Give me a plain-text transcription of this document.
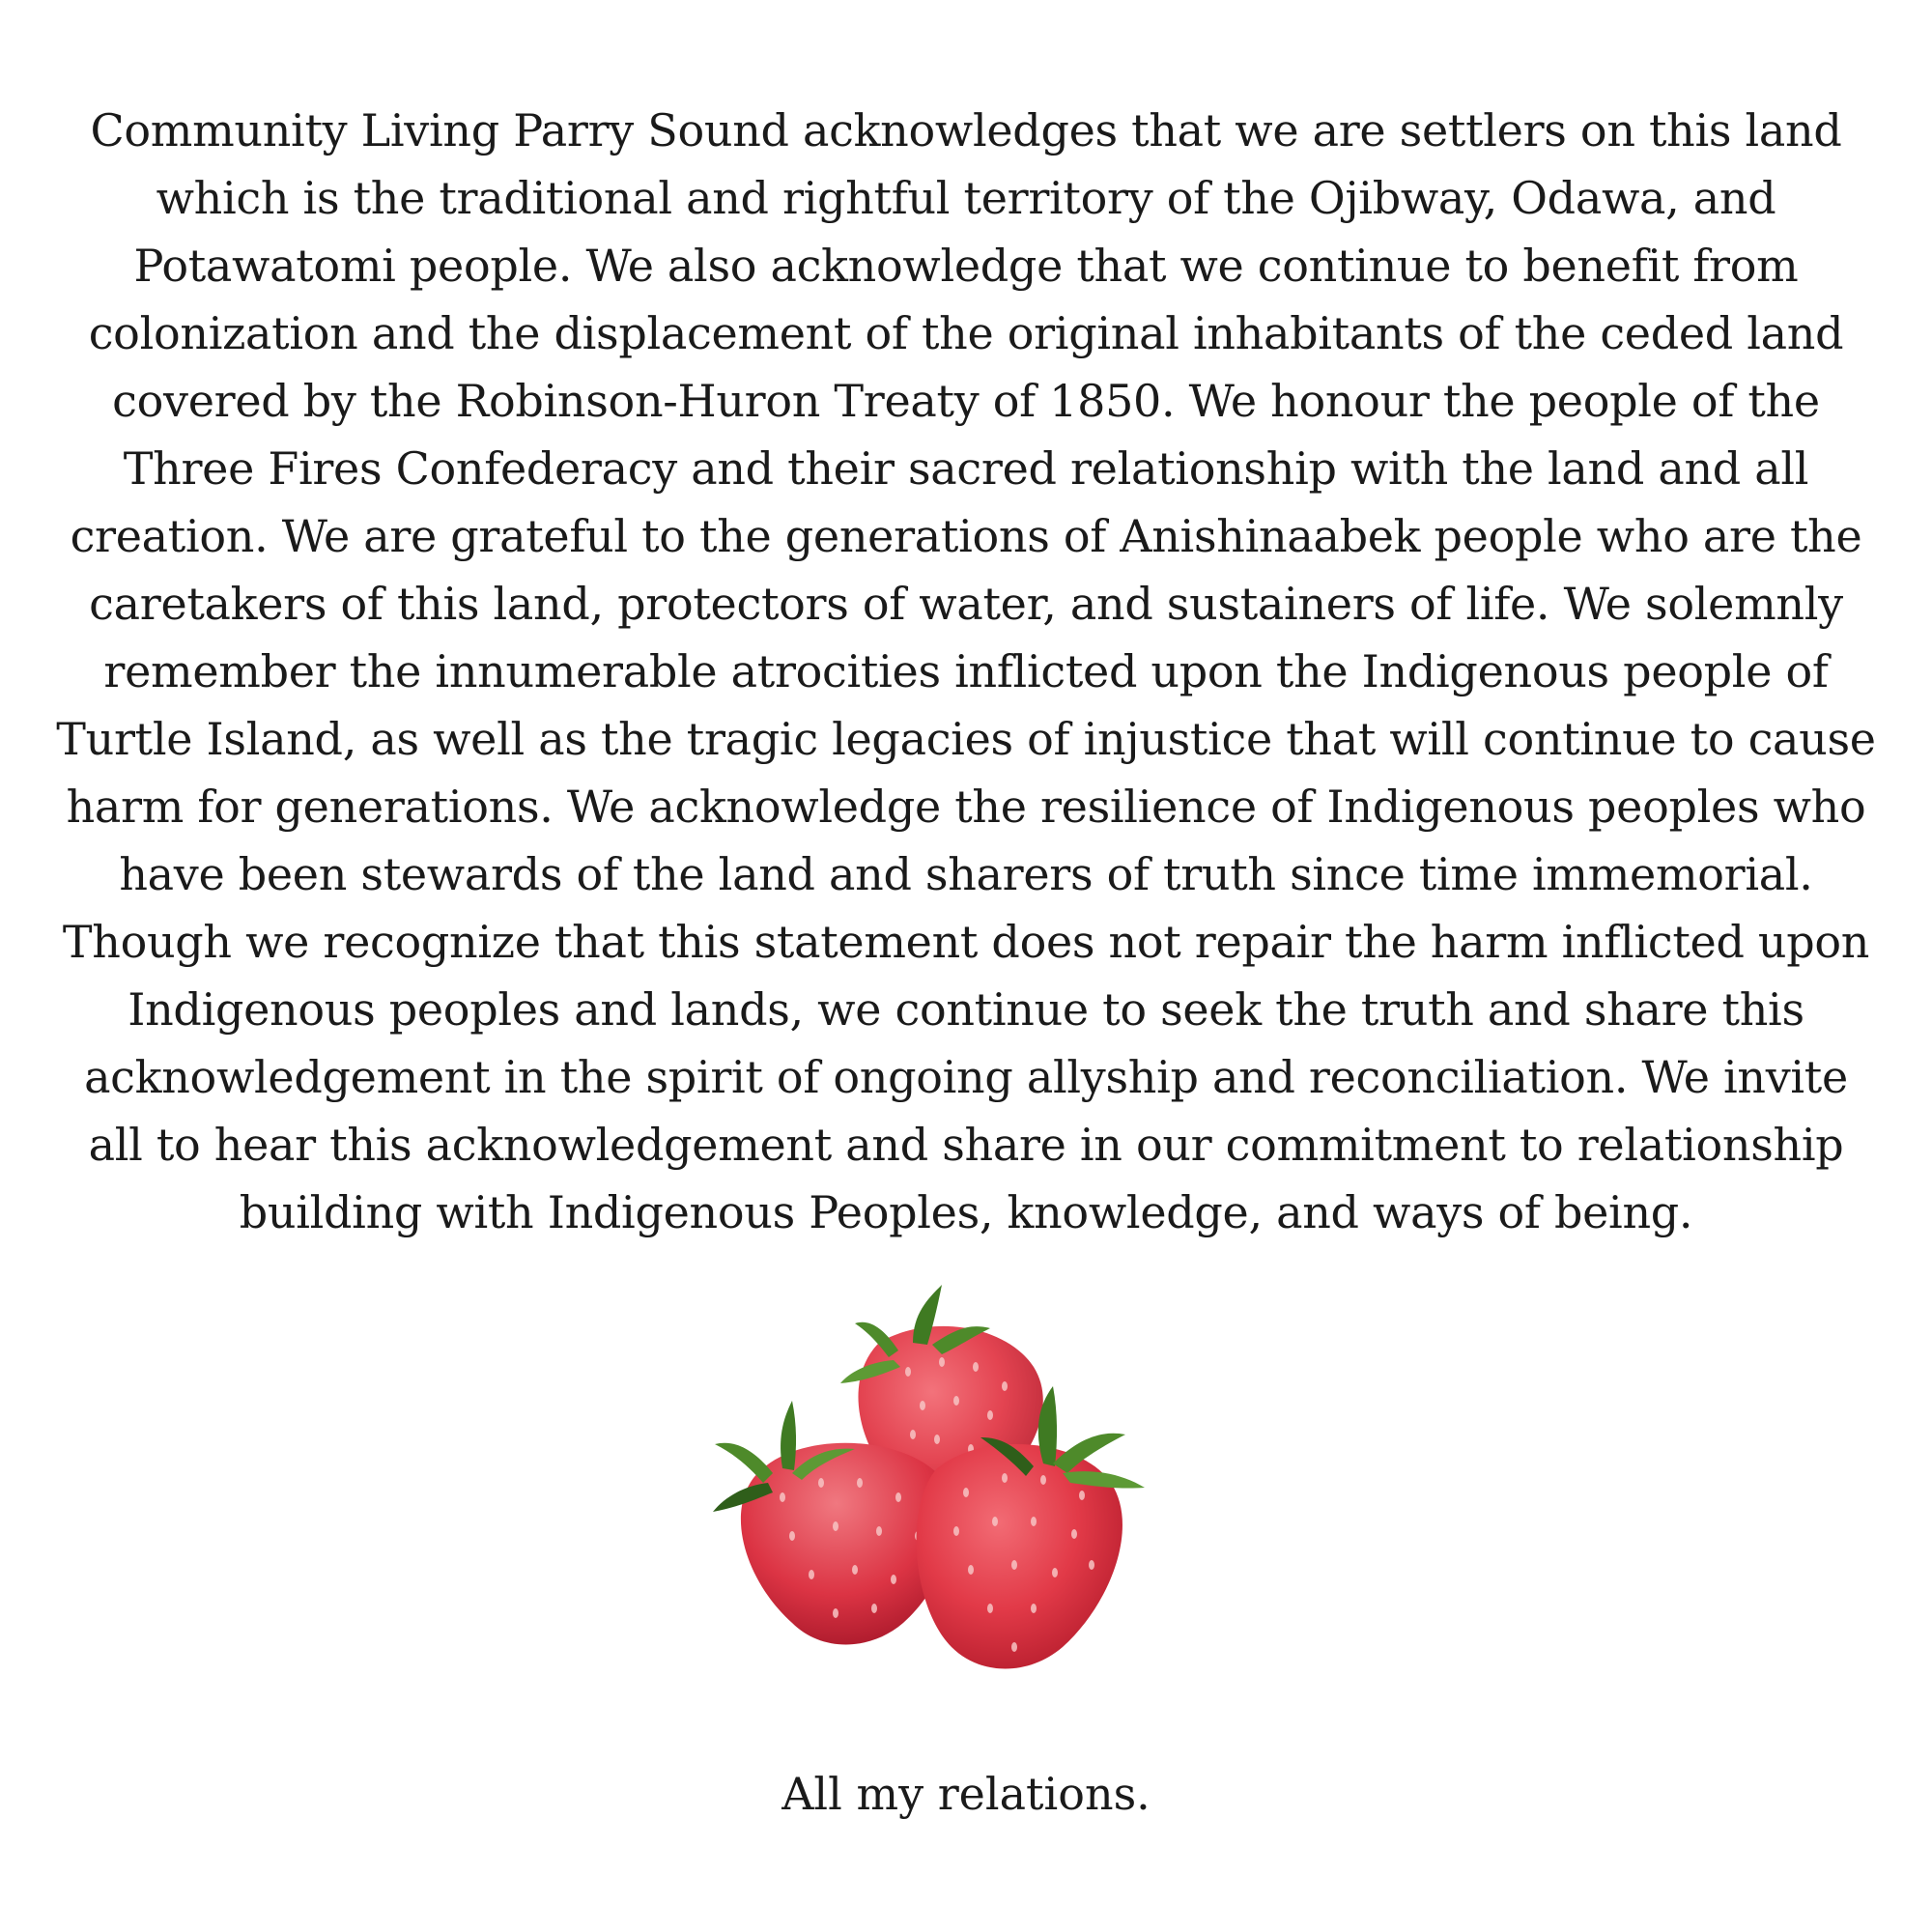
Community Living Parry Sound acknowledges that we are settlers on this land which is the traditional and rightful territory of the Ojibway, Odawa, and Potawatomi people. We also acknowledge that we continue to benefit from colonization and the displacement of the original inhabitants of the ceded land covered by the Robinson-Huron Treaty of 1850. We honour the people of the Three Fires Confederacy and their sacred relationship with the land and all creation. We are grateful to the generations of Anishinaabek people who are the caretakers of this land, protectors of water, and sustainers of life. We solemnly remember the innumerable atrocities inflicted upon the Indigenous people of Turtle Island, as well as the tragic legacies of injustice that will continue to cause harm for generations. We acknowledge the resilience of Indigenous peoples who have been stewards of the land and sharers of truth since time immemorial. Though we recognize that this statement does not repair the harm inflicted upon Indigenous peoples and lands, we continue to seek the truth and share this acknowledgement in the spirit of ongoing allyship and reconciliation. We invite all to hear this acknowledgement and share in our commitment to relationship building with Indigenous Peoples, knowledge, and ways of being.

All my relations.
